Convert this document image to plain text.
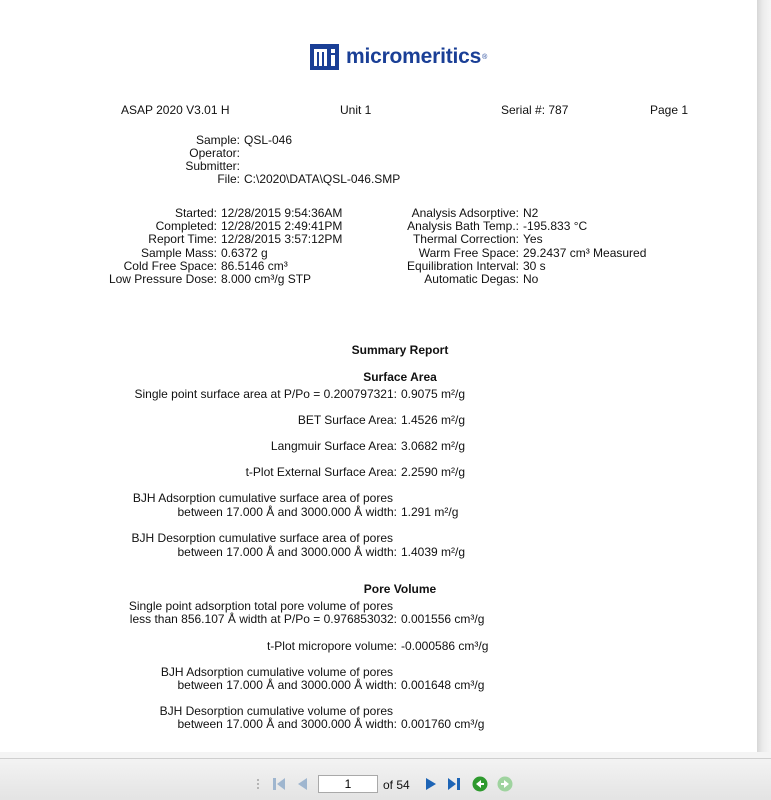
micromeritics ®
ASAP 2020 V3.01 H	Unit 1	Serial #: 787	Page 1
Sample: QSL-046
Operator:
Submitter:
File: C:\2020\DATA\QSL-046.SMP
Started: 12/28/2015 9:54:36AM
Completed: 12/28/2015 2:49:41PM
Report Time: 12/28/2015 3:57:12PM
Sample Mass: 0.6372 g
Cold Free Space: 86.5146 cm³
Low Pressure Dose: 8.000 cm³/g STP
Analysis Adsorptive: N2
Analysis Bath Temp.: -195.833 °C
Thermal Correction: Yes
Warm Free Space: 29.2437 cm³ Measured
Equilibration Interval: 30 s
Automatic Degas: No
Summary Report
Surface Area
Single point surface area at P/Po = 0.200797321: 0.9075 m²/g
BET Surface Area: 1.4526 m²/g
Langmuir Surface Area: 3.0682 m²/g
t-Plot External Surface Area: 2.2590 m²/g
BJH Adsorption cumulative surface area of pores
between 17.000 Å and 3000.000 Å width: 1.291 m²/g
BJH Desorption cumulative surface area of pores
between 17.000 Å and 3000.000 Å width: 1.4039 m²/g
Pore Volume
Single point adsorption total pore volume of pores
less than 856.107 Å width at P/Po = 0.976853032: 0.001556 cm³/g
t-Plot micropore volume: -0.000586 cm³/g
BJH Adsorption cumulative volume of pores
between 17.000 Å and 3000.000 Å width: 0.001648 cm³/g
BJH Desorption cumulative volume of pores
between 17.000 Å and 3000.000 Å width: 0.001760 cm³/g
1
of 54
